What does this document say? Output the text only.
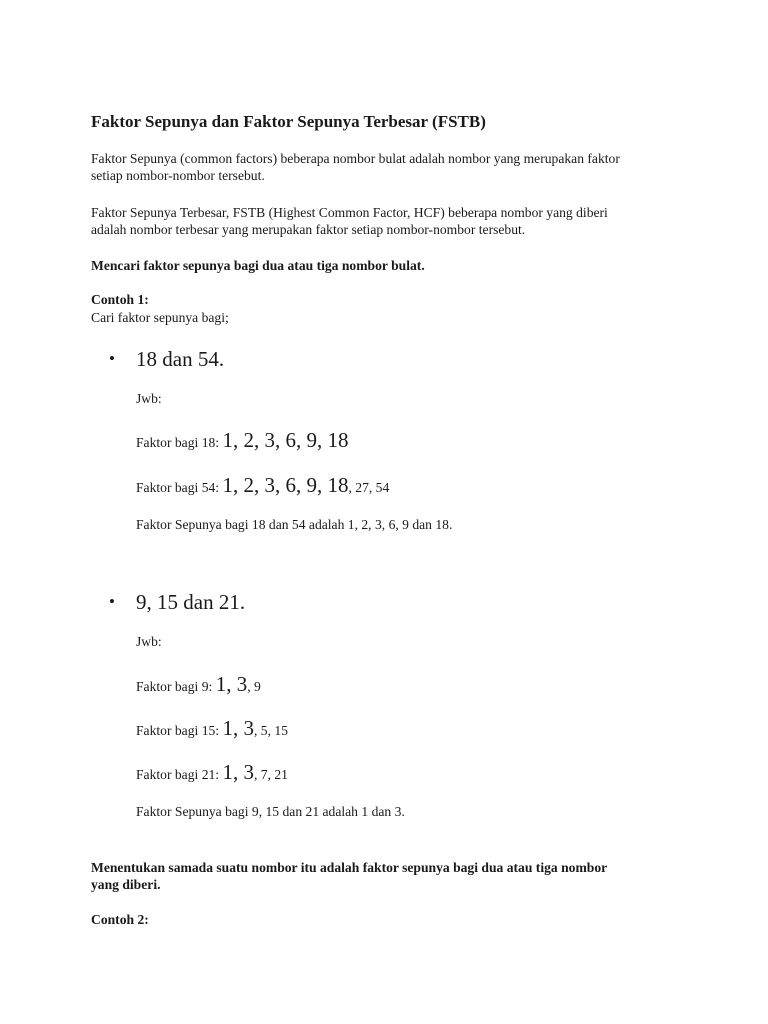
Faktor Sepunya dan Faktor Sepunya Terbesar (FSTB)
Faktor Sepunya (common factors) beberapa nombor bulat adalah nombor yang merupakan faktor
setiap nombor-nombor tersebut.
Faktor Sepunya Terbesar, FSTB (Highest Common Factor, HCF) beberapa nombor yang diberi
adalah nombor terbesar yang merupakan faktor setiap nombor-nombor tersebut.
Mencari faktor sepunya bagi dua atau tiga nombor bulat.
Contoh 1:
Cari faktor sepunya bagi;
• 18 dan 54.
Jwb:
Faktor bagi 18: 1, 2, 3, 6, 9, 18
Faktor bagi 54: 1, 2, 3, 6, 9, 18, 27, 54
Faktor Sepunya bagi 18 dan 54 adalah 1, 2, 3, 6, 9 dan 18.
• 9, 15 dan 21.
Jwb:
Faktor bagi 9: 1, 3, 9
Faktor bagi 15: 1, 3, 5, 15
Faktor bagi 21: 1, 3, 7, 21
Faktor Sepunya bagi 9, 15 dan 21 adalah 1 dan 3.
Menentukan samada suatu nombor itu adalah faktor sepunya bagi dua atau tiga nombor
yang diberi.
Contoh 2:
